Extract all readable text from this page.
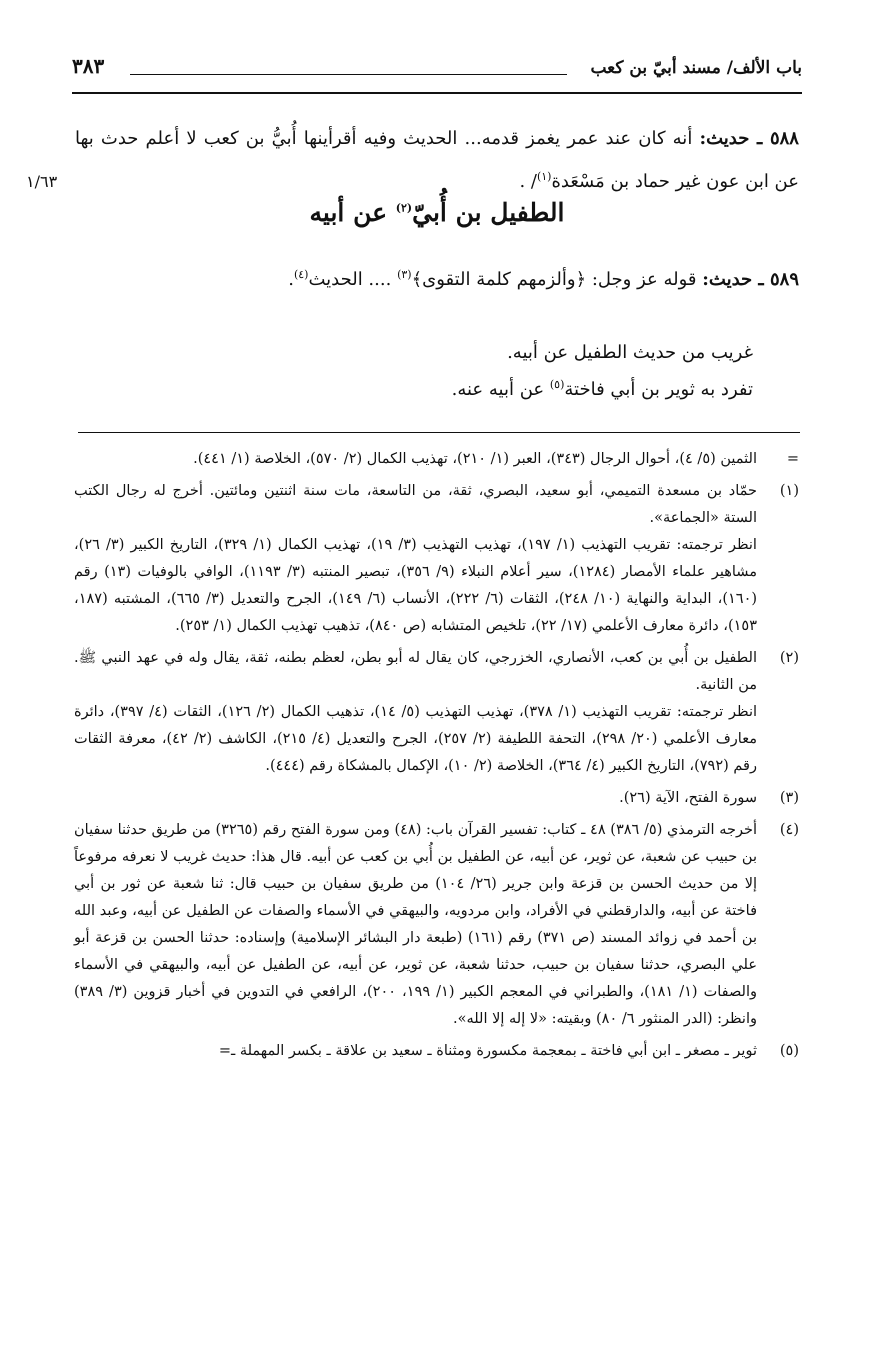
باب الألف/ مسند أبيّ بن كعب
٣٨٣
١/٦٣
٥٨٨ ـ حديث: أنه كان عند عمر يغمز قدمه... الحديث وفيه أقرأينها أُبيُّ بن كعب لا أعلم حدث بها عن ابن عون غير حماد بن مَسْعَدة$^{(١)}$/ .
الطفيل بن أُبيّ$^{(٢)}$ عن أبيه
٥٨٩ ـ حديث: قوله عز وجل: ﴿وألزمهم كلمة التقوى﴾$^{(٣)}$ .... الحديث$^{(٤)}$.
غريب من حديث الطفيل عن أبيه.
تفرد به ثوير بن أبي فاختة$^{(٥)}$ عن أبيه عنه.
=

الثمين (٥/ ٤)، أحوال الرجال (٣٤٣)، العبر (١/ ٢١٠)، تهذيب الكمال (٢/ ٥٧٠)، الخلاصة (١/ ٤٤١).

(١)

حمّاد بن مسعدة التميمي، أبو سعيد، البصري، ثقة، من التاسعة، مات سنة اثنتين ومائتين. أخرج له رجال الكتب الستة «الجماعة».

انظر ترجمته: تقريب التهذيب (١/ ١٩٧)، تهذيب التهذيب (٣/ ١٩)، تهذيب الكمال (١/ ٣٢٩)، التاريخ الكبير (٣/ ٢٦)، مشاهير علماء الأمصار (١٢٨٤)، سير أعلام النبلاء (٩/ ٣٥٦)، تبصير المنتبه (٣/ ١١٩٣)، الوافي بالوفيات (١٣) رقم (١٦٠)، البداية والنهاية (١٠/ ٢٤٨)، الثقات (٦/ ٢٢٢)، الأنساب (٦/ ١٤٩)، الجرح والتعديل (٣/ ٦٦٥)، المشتبه (١٨٧، ١٥٣)، دائرة معارف الأعلمي (١٧/ ٢٢)، تلخيص المتشابه (ص ٨٤٠)، تذهيب تهذيب الكمال (١/ ٢٥٣).

(٢)

الطفيل بن أُبي بن كعب، الأنصاري، الخزرجي، كان يقال له أبو بطن، لعظم بطنه، ثقة، يقال وله في عهد النبي ﷺ. من الثانية.

انظر ترجمته: تقريب التهذيب (١/ ٣٧٨)، تهذيب التهذيب (٥/ ١٤)، تذهيب الكمال (٢/ ١٢٦)، الثقات (٤/ ٣٩٧)، دائرة معارف الأعلمي (٢٠/ ٢٩٨)، التحفة اللطيفة (٢/ ٢٥٧)، الجرح والتعديل (٤/ ٢١٥)، الكاشف (٢/ ٤٢)، معرفة الثقات رقم (٧٩٢)، التاريخ الكبير (٤/ ٣٦٤)، الخلاصة (٢/ ١٠)، الإكمال بالمشكاة رقم (٤٤٤).

(٣)

سورة الفتح، الآية (٢٦).

(٤)

أخرجه الترمذي (٥/ ٣٨٦) ٤٨ ـ كتاب: تفسير القرآن باب: (٤٨) ومن سورة الفتح رقم (٣٢٦٥) من طريق حدثنا سفيان بن حبيب عن شعبة، عن ثوير، عن أبيه، عن الطفيل بن أُبي بن كعب عن أبيه. قال هذا: حديث غريب لا نعرفه مرفوعاً إلا من حديث الحسن بن قزعة وابن جرير (٢٦/ ١٠٤) من طريق سفيان بن حبيب قال: ثنا شعبة عن ثور بن أبي فاختة عن أبيه، والدارقطني في الأفراد، وابن مردويه، والبيهقي في الأسماء والصفات عن الطفيل عن أبيه، وعبد الله بن أحمد في زوائد المسند (ص ٣٧١) رقم (١٦١) (طبعة دار البشائر الإسلامية) وإسناده: حدثنا الحسن بن قزعة أبو علي البصري، حدثنا سفيان بن حبيب، حدثنا شعبة، عن ثوير، عن أبيه، عن الطفيل عن أبيه، والبيهقي في الأسماء والصفات (١/ ١٨١)، والطبراني في المعجم الكبير (١/ ١٩٩، ٢٠٠)، الرافعي في التدوين في أخبار قزوين (٣/ ٣٨٩) وانظر: (الدر المنثور ٦/ ٨٠) وبقيته: «لا إله إلا الله».

(٥)

ثوير ـ مصغر ـ ابن أبي فاختة ـ بمعجمة مكسورة ومثناة ـ سعيد بن علاقة ـ بكسر المهملة ـ=
